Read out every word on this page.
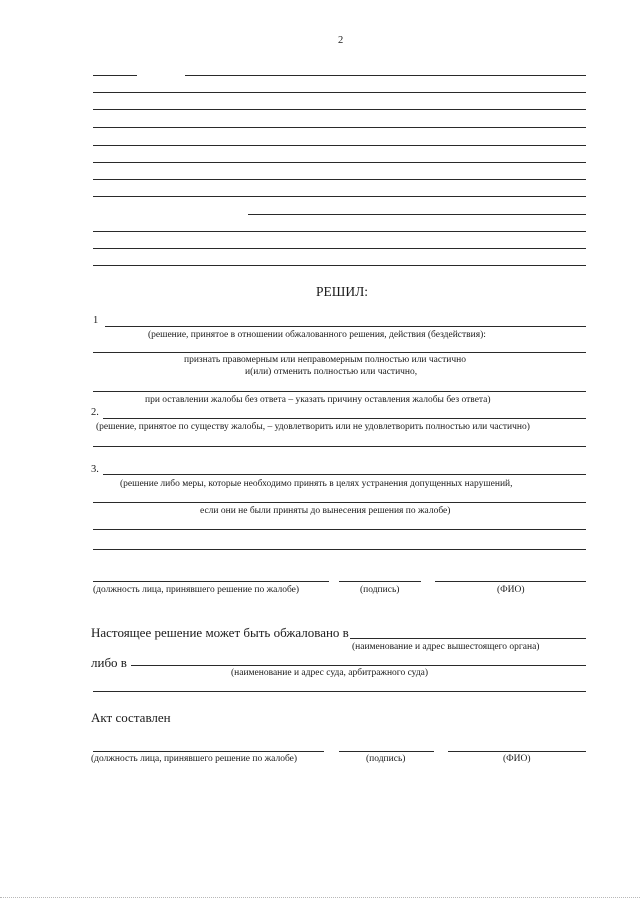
2
РЕШИЛ:
1
(решение, принятое в отношении обжалованного решения, действия (бездействия):
признать правомерным или неправомерным полностью или частично
и(или) отменить полностью или частично,
при оставлении жалобы без ответа – указать причину оставления жалобы без ответа)
2.
(решение, принятое по существу жалобы, – удовлетворить или не удовлетворить полностью или частично)
3.
(решение либо меры, которые необходимо принять в целях устранения допущенных нарушений,
если они не были приняты до вынесения решения по жалобе)
(должность лица, принявшего решение по жалобе)	(подпись)	(ФИО)
Настоящее решение может быть обжаловано в
(наименование и адрес вышестоящего органа)
либо в
(наименование и адрес суда, арбитражного суда)
Акт составлен
(должность лица, принявшего решение по жалобе)	(подпись)	(ФИО)
